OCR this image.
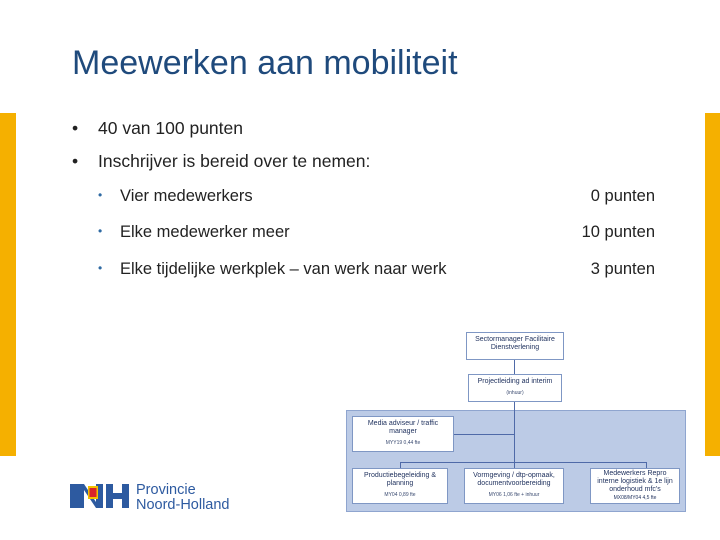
Meewerken aan mobiliteit
• 40 van 100 punten
• Inschrijver is bereid over te nemen:
• Vier medewerkers	0 punten
• Elke medewerker meer	10 punten
• Elke tijdelijke werkplek – van werk naar werk	3 punten
Sectormanager Facilitaire
Dienstverlening
Projectleiding ad interim
(inhuur)
Media adviseur / traffic
manager
MYY19 0,44 fte
Productiebegeleiding &
planning
MY04 0,89 fte
Vormgeving / dtp-opmaak,
documentvoorbereiding
MY06 1,06 fte + inhuur
Medewerkers Repro
interne logistiek & 1e lijn
onderhoud mfc's
MX08/MY04 4,5 fte
Provincie
Noord-Holland
